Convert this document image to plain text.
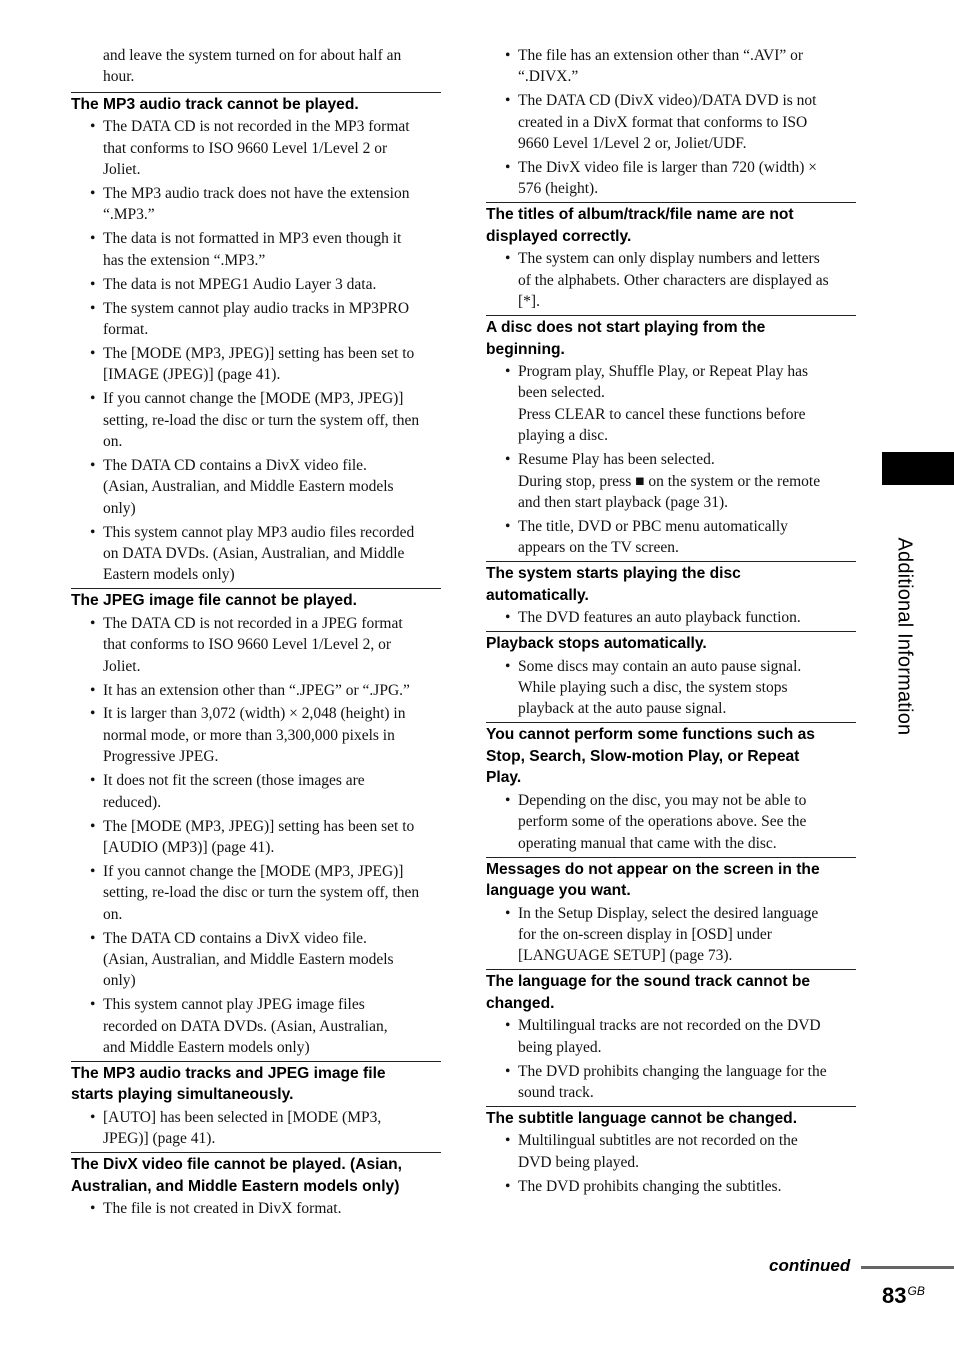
and leave the system turned on for about half an
hour.

The MP3 audio track cannot be played.
• The DATA CD is not recorded in the MP3 format
that conforms to ISO 9660 Level 1/Level 2 or
Joliet.
• The MP3 audio track does not have the extension
“.MP3.”
• The data is not formatted in MP3 even though it
has the extension “.MP3.”
• The data is not MPEG1 Audio Layer 3 data.
• The system cannot play audio tracks in MP3PRO
format.
• The [MODE (MP3, JPEG)] setting has been set to
[IMAGE (JPEG)] (page 41).
• If you cannot change the [MODE (MP3, JPEG)]
setting, re-load the disc or turn the system off, then
on.
• The DATA CD contains a DivX video file.
(Asian, Australian, and Middle Eastern models
only)
• This system cannot play MP3 audio files recorded
on DATA DVDs. (Asian, Australian, and Middle
Eastern models only)
The JPEG image file cannot be played.
• The DATA CD is not recorded in a JPEG format
that conforms to ISO 9660 Level 1/Level 2, or
Joliet.
• It has an extension other than “.JPEG” or “.JPG.”
• It is larger than 3,072 (width) × 2,048 (height) in
normal mode, or more than 3,300,000 pixels in
Progressive JPEG.
• It does not fit the screen (those images are
reduced).
• The [MODE (MP3, JPEG)] setting has been set to
[AUDIO (MP3)] (page 41).
• If you cannot change the [MODE (MP3, JPEG)]
setting, re-load the disc or turn the system off, then
on.
• The DATA CD contains a DivX video file.
(Asian, Australian, and Middle Eastern models
only)
• This system cannot play JPEG image files
recorded on DATA DVDs. (Asian, Australian,
and Middle Eastern models only)
The MP3 audio tracks and JPEG image file
starts playing simultaneously.
• [AUTO] has been selected in [MODE (MP3,
JPEG)] (page 41).
The DivX video file cannot be played. (Asian,
Australian, and Middle Eastern models only)
• The file is not created in DivX format.
• The file has an extension other than “.AVI” or
“.DIVX.”
• The DATA CD (DivX video)/DATA DVD is not
created in a DivX format that conforms to ISO
9660 Level 1/Level 2 or, Joliet/UDF.
• The DivX video file is larger than 720 (width) ×
576 (height).
The titles of album/track/file name are not
displayed correctly.
• The system can only display numbers and letters
of the alphabets. Other characters are displayed as
[*].
A disc does not start playing from the
beginning.
• Program play, Shuffle Play, or Repeat Play has
been selected.
Press CLEAR to cancel these functions before
playing a disc.
• Resume Play has been selected.
During stop, press ■ on the system or the remote
and then start playback (page 31).
• The title, DVD or PBC menu automatically
appears on the TV screen.
The system starts playing the disc
automatically.
• The DVD features an auto playback function.
Playback stops automatically.
• Some discs may contain an auto pause signal.
While playing such a disc, the system stops
playback at the auto pause signal.
You cannot perform some functions such as
Stop, Search, Slow-motion Play, or Repeat
Play.
• Depending on the disc, you may not be able to
perform some of the operations above. See the
operating manual that came with the disc.
Messages do not appear on the screen in the
language you want.
• In the Setup Display, select the desired language
for the on-screen display in [OSD] under
[LANGUAGE SETUP] (page 73).
The language for the sound track cannot be
changed.
• Multilingual tracks are not recorded on the DVD
being played.
• The DVD prohibits changing the language for the
sound track.
The subtitle language cannot be changed.
• Multilingual subtitles are not recorded on the
DVD being played.
• The DVD prohibits changing the subtitles.
Additional Information
continued
$83^{GB}$
